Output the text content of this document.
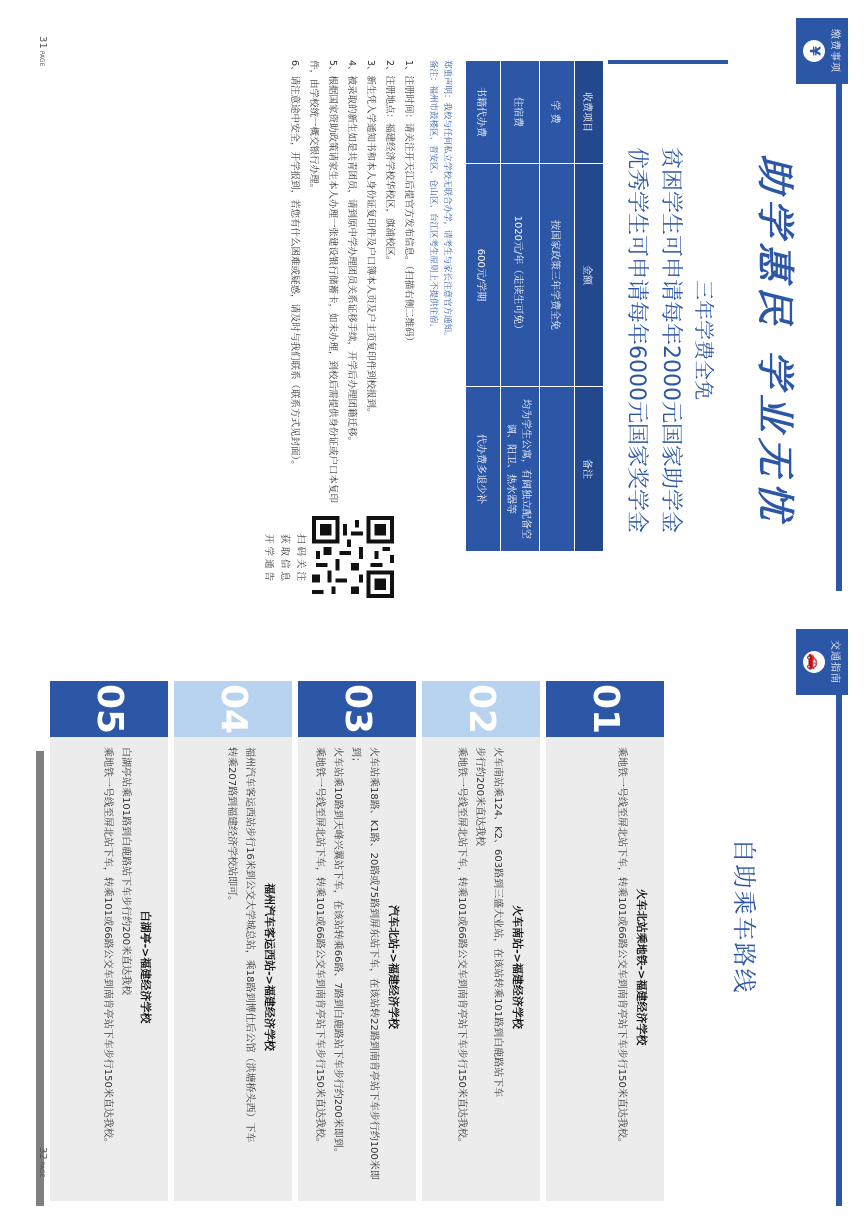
缴费事项
¥
助学惠民 学业无忧
三年学费全免
贫困学生可申请每年2000元国家助学金
优秀学生可申请每年6000元国家奖学金
收费项目	金额	备注
学 费	按国家政策三年学费全免	
住宿费	1020元/年（走读生可免）	均为学生公寓，有阔独立配备空调、阳卫、热水器等
书籍代办费	600元/学期	代办费多退少补
郑重声明：我校与任何私立学校无联合办学，请考生与家长注意官方通知。
备注：福州市鼓楼区、晋安区、仓山区、台江区考生原则上不提供住宿。
1、注册时间：请关注开天江后提官方发布信息。（扫描右侧二维码）
2、注册地点：福建经济学校华校区，旗浦校区。
3、新生凭入学通知书和本人身份证复印件及户口簿本人页及户主页复印件到校报到。
4、被录取的新生如是共青团员，请到原中学办理团员关系证移手续，开学后办理团籍迁移。
5、根据国家资助政策请家生本人办理一张建设银行储蓄卡，如未办理，到校后需提供身份证或户口本复印件，由学校统一概交银行办理。
6、请注意途中安全，开学报到，若您有什么困难或疑惑，请及时与我们联系（联系方式见封面）。
扫码关注
获取信息
开学通告
31PAGE
交通指南
🚗
自助乘车路线
01
火车北站乘地铁->福建经济学校
乘地铁一号线至屏北站下车，转乘101或66路公交车到南肯亭站下车步行150米直达我校。
02
火车南站->福建经济学校
火车南站乘124、K2、603路到三盛大业站，在该站转乘101路到白鹿路站下车
步行约200米直达我校
乘地铁一号线至屏北站下车，转乘101或66路公交车到南肯亭站下车步行150米直达我校。
03
汽车北站->福建经济学校
火车站乘18路、K1路、20路或75路到屏东站下车，在该站转22路到南肯亭站下车步行约100米即到；
火车站乘10路到天峰兴翼站下车，在该站转乘66路、7路到白鹿路站下车步行约200米即到。
乘地铁一号线至屏北站下车，转乘101或66路公交车到南肯亭站下车步行150米直达我校。
04
福州汽车客运西站->福建经济学校
福州汽车客运西站步行16米到公交大学城总站，乘18路到博仕后公馆（洪塘桥头西）下车
转乘207路到福建经济学校站即可。
05
白湖亭->福建经济学校
白湖亭站乘101路到白鹿路站下车步行约200米直达我校
乘地铁一号线至屏北站下车，转乘101或66路公交车到南肯亭站下车步行150米直达我校。
32PAGE
